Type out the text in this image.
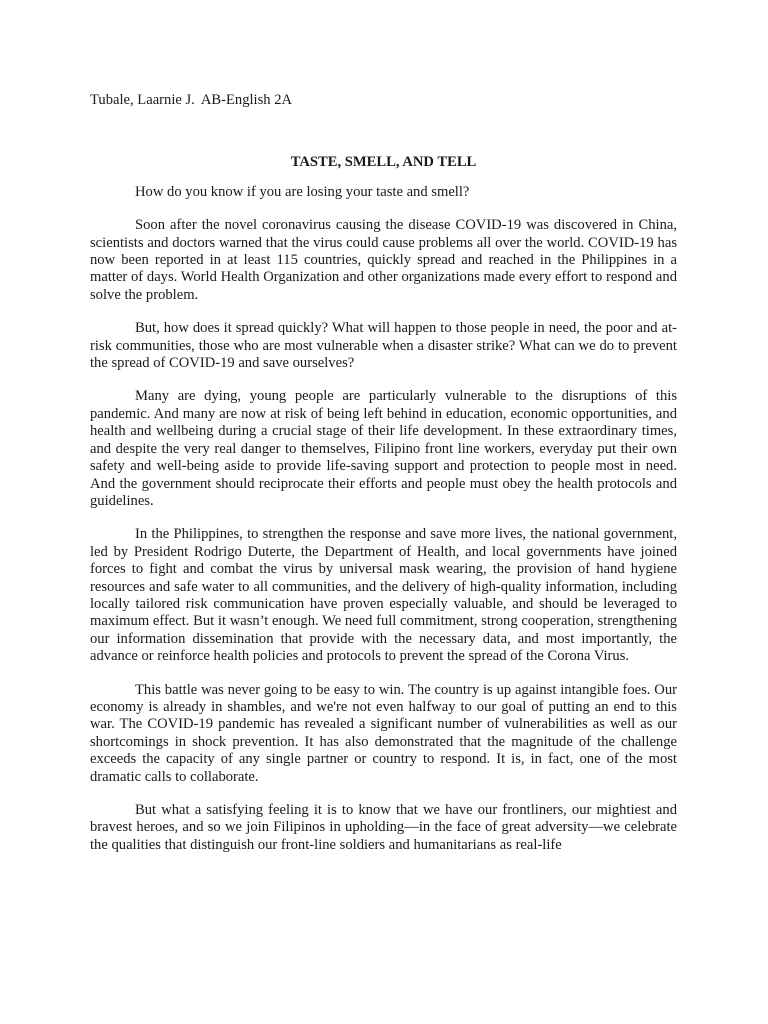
Tubale, Laarnie J. AB-English 2A

TASTE, SMELL, AND TELL

How do you know if you are losing your taste and smell?

Soon after the novel coronavirus causing the disease COVID-19 was discovered in China, scientists and doctors warned that the virus could cause problems all over the world. COVID-19 has now been reported in at least 115 countries, quickly spread and reached in the Philippines in a matter of days. World Health Organization and other organizations made every effort to respond and solve the problem.

But, how does it spread quickly? What will happen to those people in need, the poor and at-risk communities, those who are most vulnerable when a disaster strike? What can we do to prevent the spread of COVID-19 and save ourselves?

Many are dying, young people are particularly vulnerable to the disruptions of this pandemic. And many are now at risk of being left behind in education, economic opportunities, and health and wellbeing during a crucial stage of their life development. In these extraordinary times, and despite the very real danger to themselves, Filipino front line workers, everyday put their own safety and well-being aside to provide life-saving support and protection to people most in need. And the government should reciprocate their efforts and people must obey the health protocols and guidelines.

In the Philippines, to strengthen the response and save more lives, the national government, led by President Rodrigo Duterte, the Department of Health, and local governments have joined forces to fight and combat the virus by universal mask wearing, the provision of hand hygiene resources and safe water to all communities, and the delivery of high-quality information, including locally tailored risk communication have proven especially valuable, and should be leveraged to maximum effect. But it wasn’t enough. We need full commitment, strong cooperation, strengthening our information dissemination that provide with the necessary data, and most importantly, the advance or reinforce health policies and protocols to prevent the spread of the Corona Virus.

This battle was never going to be easy to win. The country is up against intangible foes. Our economy is already in shambles, and we're not even halfway to our goal of putting an end to this war. The COVID-19 pandemic has revealed a significant number of vulnerabilities as well as our shortcomings in shock prevention. It has also demonstrated that the magnitude of the challenge exceeds the capacity of any single partner or country to respond. It is, in fact, one of the most dramatic calls to collaborate.

But what a satisfying feeling it is to know that we have our frontliners, our mightiest and bravest heroes, and so we join Filipinos in upholding—in the face of great adversity—we celebrate the qualities that distinguish our front-line soldiers and humanitarians as real-life
